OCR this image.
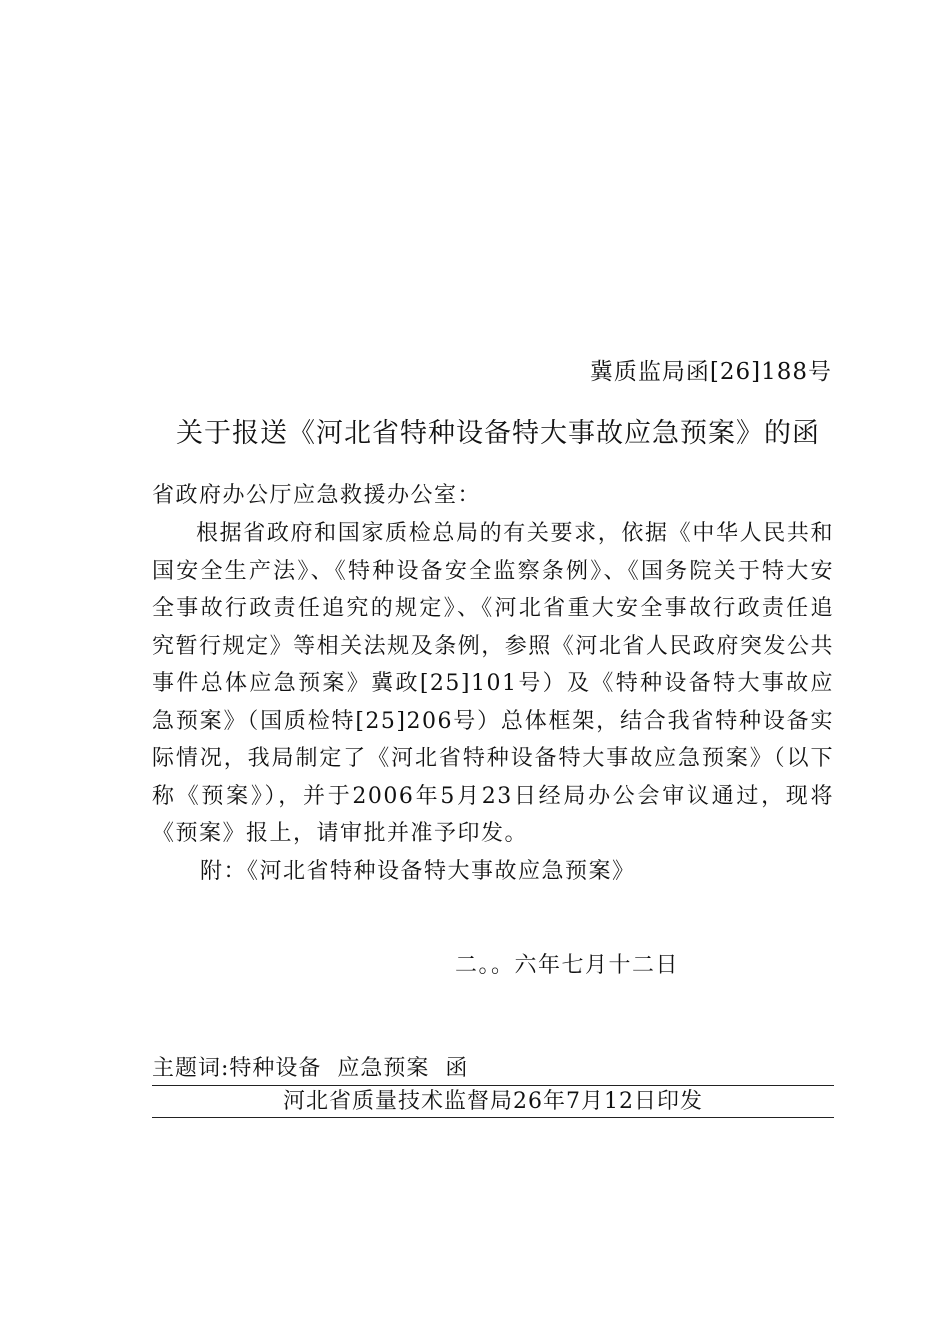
冀质监局函[26]188号
关于报送《河北省特种设备特大事故应急预案》的函
省政府办公厅应急救援办公室：
根据省政府和国家质检总局的有关要求，依据《中华人民共和国安全生产法》、《特种设备安全监察条例》、《国务院关于特大安全事故行政责任追究的规定》、《河北省重大安全事故行政责任追究暂行规定》等相关法规及条例，参照《河北省人民政府突发公共事件总体应急预案》冀政[25]101号）及《特种设备特大事故应急预案》（国质检特[25]206号）总体框架，结合我省特种设备实际情况，我局制定了《河北省特种设备特大事故应急预案》（以下称《预案》），并于2006年5月23日经局办公会审议通过，现将《预案》报上，请审批并准予印发。
附：《河北省特种设备特大事故应急预案》
二。。六年七月十二日
主题词:特种设备  应急预案  函
河北省质量技术监督局26年7月12日印发
